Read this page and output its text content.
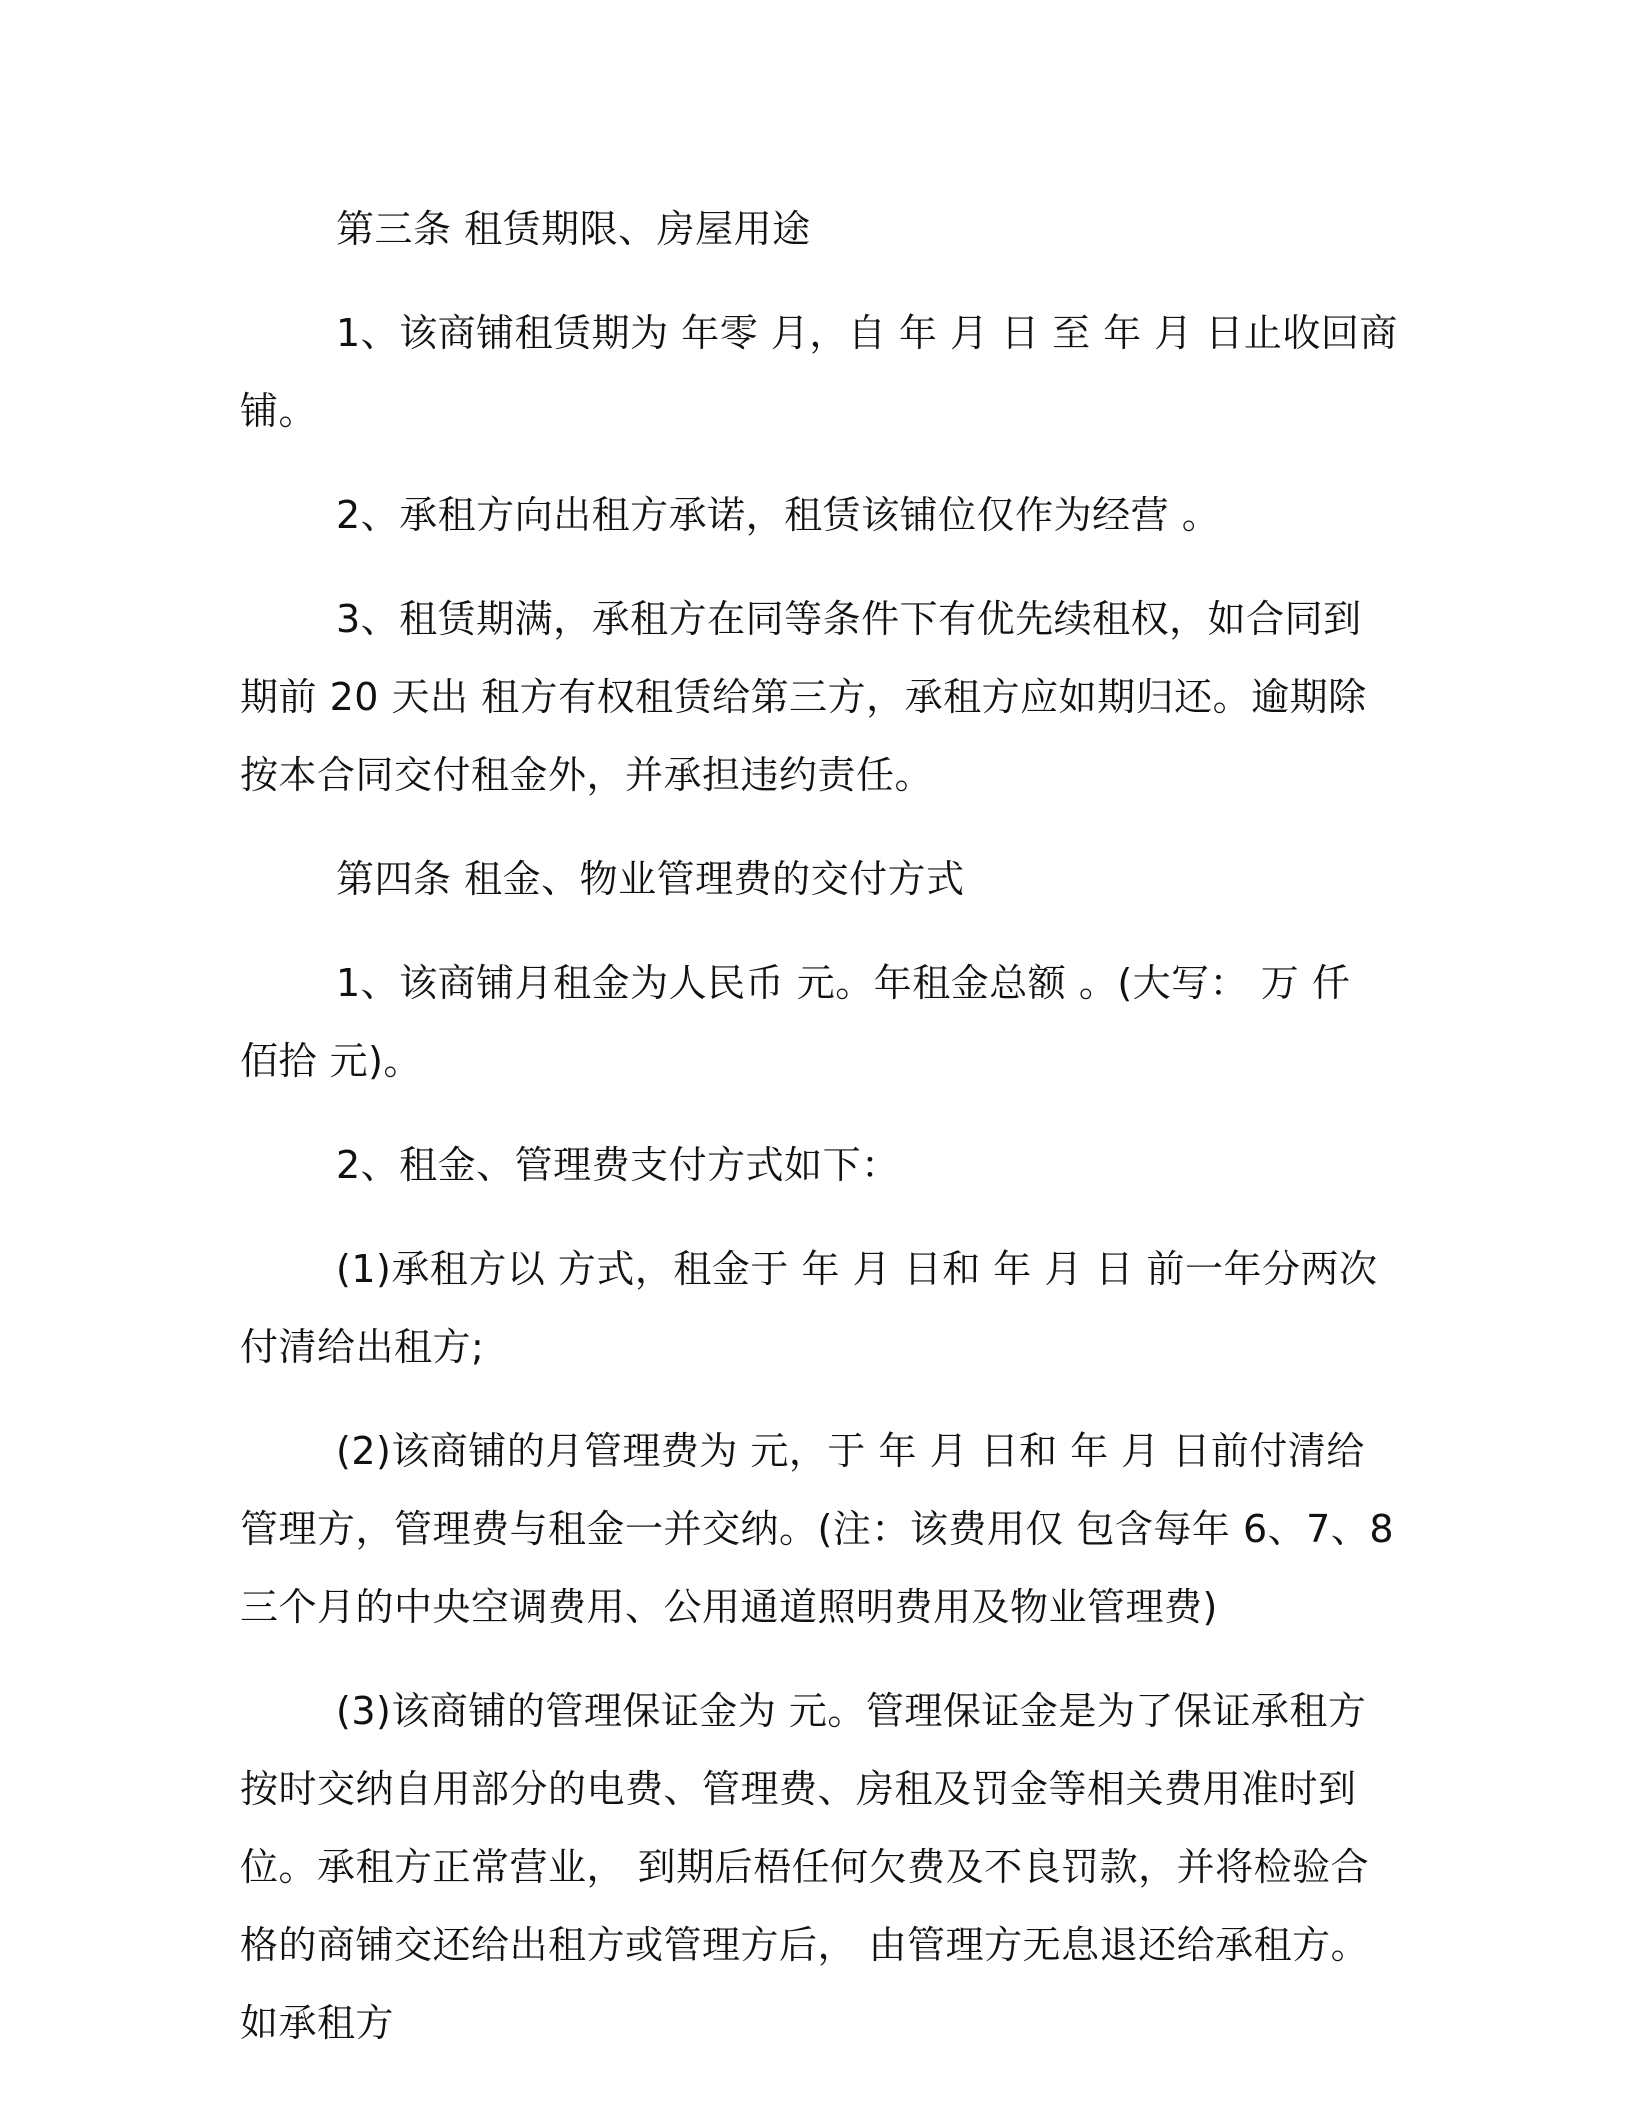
第三条 租赁期限、房屋用途

1、该商铺租赁期为 年零 月，自 年 月 日 至 年 月 日止收回商铺。

2、承租方向出租方承诺，租赁该铺位仅作为经营 。

3、租赁期满，承租方在同等条件下有优先续租权，如合同到期前 20 天出 租方有权租赁给第三方，承租方应如期归还。逾期除按本合同交付租金外，并承担违约责任。

第四条 租金、物业管理费的交付方式

1、该商铺月租金为人民币 元。年租金总额 。(大写： 万 仟 佰拾 元)。

2、租金、管理费支付方式如下：

(1)承租方以 方式，租金于 年 月 日和 年 月 日 前一年分两次付清给出租方;

(2)该商铺的月管理费为 元，于 年 月 日和 年 月 日前付清给管理方，管理费与租金一并交纳。(注：该费用仅 包含每年 6、7、8 三个月的中央空调费用、公用通道照明费用及物业管理费)

(3)该商铺的管理保证金为 元。管理保证金是为了保证承租方按时交纳自用部分的电费、管理费、房租及罚金等相关费用准时到位。承租方正常营业， 到期后梧任何欠费及不良罚款，并将检验合格的商铺交还给出租方或管理方后， 由管理方无息退还给承租方。如承租方
